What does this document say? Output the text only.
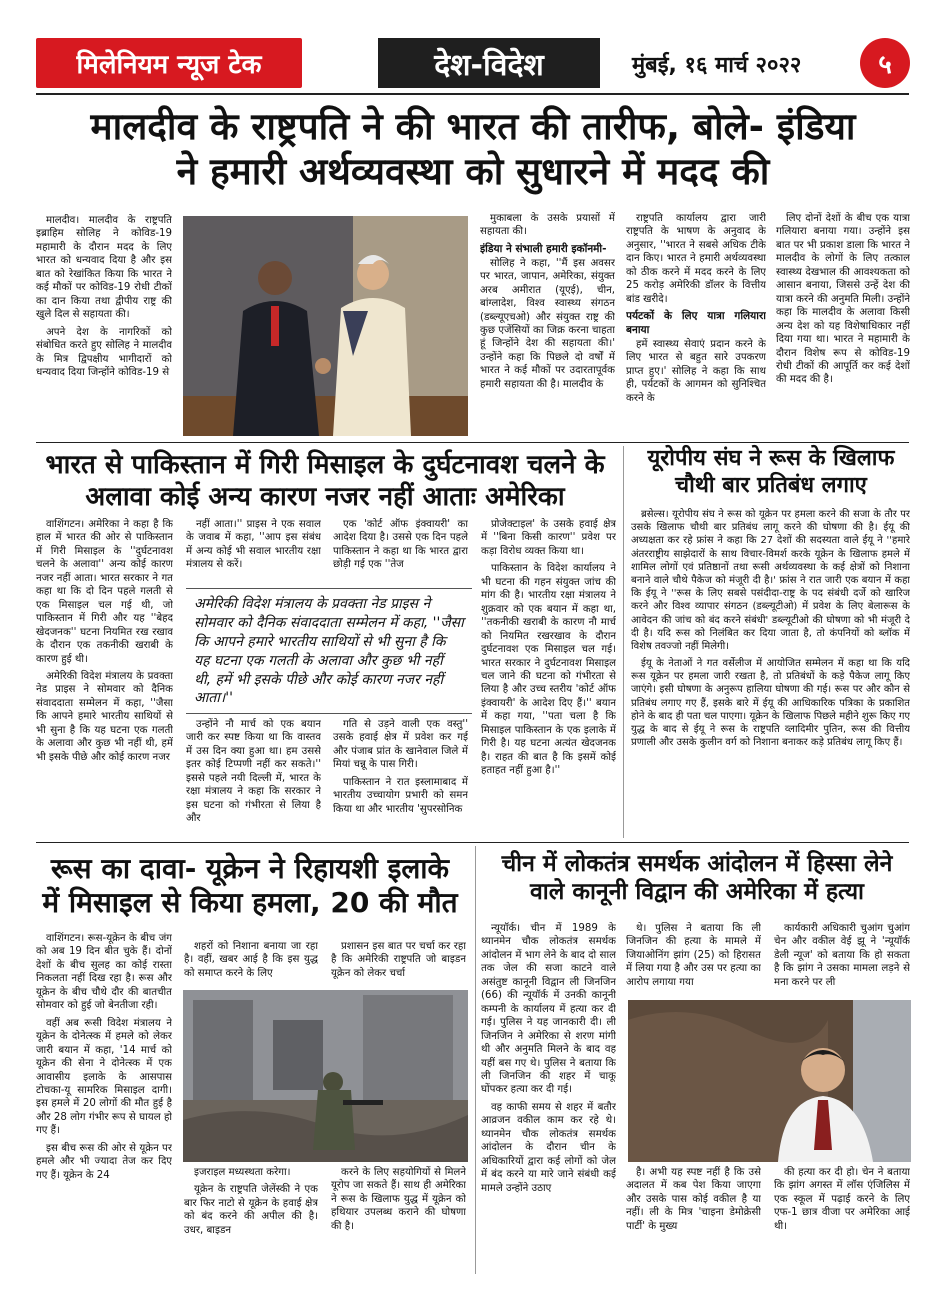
मिलेनियम न्यूज टेक	देश-विदेश	मुंबई, १६ मार्च २०२२	५
मालदीव के राष्ट्रपति ने की भारत की तारीफ, बोले- इंडिया
ने हमारी अर्थव्यवस्था को सुधारने में मदद की

मालदीव। मालदीव के राष्ट्रपति इब्राहिम सोलिह ने कोविड-19 महामारी के दौरान मदद के लिए भारत को धन्यवाद दिया है और इस बात को रेखांकित किया कि भारत ने कई मौकों पर कोविड-19 रोधी टीकों का दान किया तथा द्वीपीय राष्ट्र की खुले दिल से सहायता की।

अपने देश के नागरिकों को संबोधित करते हुए सोलिह ने मालदीव के मित्र द्विपक्षीय भागीदारों को धन्यवाद दिया जिन्होंने कोविड-19 से

मुकाबला के उसके प्रयासों में सहायता की।

इंडिया ने संभाली हमारी इकॉनमी-

सोलिह ने कहा, ''मैं इस अवसर पर भारत, जापान, अमेरिका, संयुक्त अरब अमीरात (यूएई), चीन, बांग्लादेश, विश्व स्वास्थ्य संगठन (डब्ल्यूएचओ) और संयुक्त राष्ट्र की कुछ एजेंसियों का जिक्र करना चाहता हूं जिन्होंने देश की सहायता की।' उन्होंने कहा कि पिछले दो वर्षों में भारत ने कई मौकों पर उदारतापूर्वक हमारी सहायता की है। मालदीव के

राष्ट्रपति कार्यालय द्वारा जारी राष्ट्रपति के भाषण के अनुवाद के अनुसार, ''भारत ने सबसे अधिक टीके दान किए। भारत ने हमारी अर्थव्यवस्था को ठीक करने में मदद करने के लिए 25 करोड़ अमेरिकी डॉलर के वित्तीय बांड खरीदे।

पर्यटकों के लिए यात्रा गलियारा बनाया

हमें स्वास्थ्य सेवाएं प्रदान करने के लिए भारत से बहुत सारे उपकरण प्राप्त हुए।' सोलिह ने कहा कि साथ ही, पर्यटकों के आगमन को सुनिश्चित करने के

लिए दोनों देशों के बीच एक यात्रा गलियारा बनाया गया। उन्होंने इस बात पर भी प्रकाश डाला कि भारत ने मालदीव के लोगों के लिए तत्काल स्वास्थ्य देखभाल की आवश्यकता को आसान बनाया, जिससे उन्हें देश की यात्रा करने की अनुमति मिली। उन्होंने कहा कि मालदीव के अलावा किसी अन्य देश को यह विशेषाधिकार नहीं दिया गया था। भारत ने महामारी के दौरान विशेष रूप से कोविड-19 रोधी टीकों की आपूर्ति कर कई देशों की मदद की है।

भारत से पाकिस्तान में गिरी मिसाइल के दुर्घटनावश चलने के
अलावा कोई अन्य कारण नजर नहीं आताः अमेरिका

वाशिंगटन। अमेरिका ने कहा है कि हाल में भारत की ओर से पाकिस्तान में गिरी मिसाइल के ''दुर्घटनावश चलने के अलावा'' अन्य कोई कारण नजर नहीं आता। भारत सरकार ने गत कहा था कि दो दिन पहले गलती से एक मिसाइल चल गई थी, जो पाकिस्तान में गिरी और यह ''बेहद खेदजनक'' घटना नियमित रख रखाव के दौरान एक तकनीकी खराबी के कारण हुई थी।

अमेरिकी विदेश मंत्रालय के प्रवक्ता नेड प्राइस ने सोमवार को दैनिक संवाददाता सम्मेलन में कहा, ''जैसा कि आपने हमारे भारतीय साथियों से भी सुना है कि यह घटना एक गलती के अलावा और कुछ भी नहीं थी, हमें भी इसके पीछे और कोई कारण नजर

नहीं आता।'' प्राइस ने एक सवाल के जवाब में कहा, ''आप इस संबंध में अन्य कोई भी सवाल भारतीय रक्षा मंत्रालय से करें।

एक 'कोर्ट ऑफ इंक्वायरी' का आदेश दिया है। उससे एक दिन पहले पाकिस्तान ने कहा था कि भारत द्वारा छोड़ी गई एक ''तेज

अमेरिकी विदेश मंत्रालय के प्रवक्ता नेड प्राइस ने सोमवार को दैनिक संवाददाता सम्मेलन में कहा, ''जैसा कि आपने हमारे भारतीय साथियों से भी सुना है कि यह घटना एक गलती के अलावा और कुछ भी नहीं थी, हमें भी इसके पीछे और कोई कारण नजर नहीं आता।''

उन्होंने नौ मार्च को एक बयान जारी कर स्पष्ट किया था कि वास्तव में उस दिन क्या हुआ था। हम उससे इतर कोई टिप्पणी नहीं कर सकते।'' इससे पहले नयी दिल्ली में, भारत के रक्षा मंत्रालय ने कहा कि सरकार ने इस घटना को गंभीरता से लिया है और

गति से उड़ने वाली एक वस्तु'' उसके हवाई क्षेत्र में प्रवेश कर गई और पंजाब प्रांत के खानेवाल जिले में मियां चन्नू के पास गिरी।

पाकिस्तान ने रात इस्लामाबाद में भारतीय उच्चायोग प्रभारी को समन किया था और भारतीय 'सुपरसोनिक

प्रोजेक्टाइल' के उसके हवाई क्षेत्र में ''बिना किसी कारण'' प्रवेश पर कड़ा विरोध व्यक्त किया था।

पाकिस्तान के विदेश कार्यालय ने भी घटना की गहन संयुक्त जांच की मांग की है। भारतीय रक्षा मंत्रालय ने शुक्रवार को एक बयान में कहा था, ''तकनीकी खराबी के कारण नौ मार्च को नियमित रखरखाव के दौरान दुर्घटनावश एक मिसाइल चल गई। भारत सरकार ने दुर्घटनावश मिसाइल चल जाने की घटना को गंभीरता से लिया है और उच्च स्तरीय 'कोर्ट ऑफ इंक्वायरी' के आदेश दिए हैं।'' बयान में कहा गया, ''पता चला है कि मिसाइल पाकिस्तान के एक इलाके में गिरी है। यह घटना अत्यंत खेदजनक है। राहत की बात है कि इसमें कोई हताहत नहीं हुआ है।''

यूरोपीय संघ ने रूस के खिलाफ
चौथी बार प्रतिबंध लगाए

ब्रसेल्स। यूरोपीय संघ ने रूस को यूक्रेन पर हमला करने की सजा के तौर पर उसके खिलाफ चौथी बार प्रतिबंध लागू करने की घोषणा की है। ईयू की अध्यक्षता कर रहे फ्रांस ने कहा कि 27 देशों की सदस्यता वाले ईयू ने ''हमारे अंतरराष्ट्रीय साझेदारों के साथ विचार-विमर्श करके यूक्रेन के खिलाफ हमले में शामिल लोगों एवं प्रतिष्ठानों तथा रूसी अर्थव्यवस्था के कई क्षेत्रों को निशाना बनाने वाले चौथे पैकेज को मंजूरी दी है।' फ्रांस ने रात जारी एक बयान में कहा कि ईयू ने ''रूस के लिए सबसे पसंदीदा-राष्ट्र के पद संबंधी दर्जे को खारिज करने और विश्व व्यापार संगठन (डब्ल्यूटीओ) में प्रवेश के लिए बेलारूस के आवेदन की जांच को बंद करने संबंधी' डब्ल्यूटीओ की घोषणा को भी मंजूरी दे दी है। यदि रूस को निलंबित कर दिया जाता है, तो कंपनियों को ब्लॉक में विशेष तवज्जो नहीं मिलेगी।

ईयू के नेताओं ने गत वर्सेलीज में आयोजित सम्मेलन में कहा था कि यदि रूस यूक्रेन पर हमला जारी रखता है, तो प्रतिबंधों के कड़े पैकेज लागू किए जाएंगे। इसी घोषणा के अनुरूप हालिया घोषणा की गई। रूस पर और कौन से प्रतिबंध लगाए गए हैं, इसके बारे में ईयू की आधिकारिक पत्रिका के प्रकाशित होने के बाद ही पता चल पाएगा। यूक्रेन के खिलाफ पिछले महीने शुरू किए गए युद्ध के बाद से ईयू ने रूस के राष्ट्रपति व्लादिमीर पुतिन, रूस की वित्तीय प्रणाली और उसके कुलीन वर्ग को निशाना बनाकर कड़े प्रतिबंध लागू किए हैं।

रूस का दावा- यूक्रेन ने रिहायशी इलाके
में मिसाइल से किया हमला, 20 की मौत

वाशिंगटन। रूस-यूक्रेन के बीच जंग को अब 19 दिन बीत चुके हैं। दोनों देशों के बीच सुलह का कोई रास्ता निकलता नहीं दिख रहा है। रूस और यूक्रेन के बीच चौथे दौर की बातचीत सोमवार को हुई जो बेनतीजा रही।

वहीं अब रूसी विदेश मंत्रालय ने यूक्रेन के दोनेत्स्क में हमले को लेकर जारी बयान में कहा, '14 मार्च को यूक्रेन की सेना ने दोनेत्स्क में एक आवासीय इलाके के आसपास टोचका-यू सामरिक मिसाइल दागी। इस हमले में 20 लोगों की मौत हुई है और 28 लोग गंभीर रूप से घायल हो गए हैं।

इस बीच रूस की ओर से यूक्रेन पर हमले और भी ज्यादा तेज कर दिए गए हैं। यूक्रेन के 24

शहरों को निशाना बनाया जा रहा है। वहीं, खबर आई है कि इस युद्ध को समाप्त करने के लिए

प्रशासन इस बात पर चर्चा कर रहा है कि अमेरिकी राष्ट्रपति जो बाइडन यूक्रेन को लेकर चर्चा

इजराइल मध्यस्थता करेगा।

यूक्रेन के राष्ट्रपति जेलेंस्की ने एक बार फिर नाटो से यूक्रेन के हवाई क्षेत्र को बंद करने की अपील की है। उधर, बाइडन

करने के लिए सहयोगियों से मिलने यूरोप जा सकते हैं। साथ ही अमेरिका ने रूस के खिलाफ युद्ध में यूक्रेन को हथियार उपलब्ध कराने की घोषणा की है।

चीन में लोकतंत्र समर्थक आंदोलन में हिस्सा लेने
वाले कानूनी विद्वान की अमेरिका में हत्या

न्यूयॉर्क। चीन में 1989 के थ्यानमेन चौक लोकतंत्र समर्थक आंदोलन में भाग लेने के बाद दो साल तक जेल की सजा काटने वाले असंतुष्ट कानूनी विद्वान ली जिनजिन (66) की न्यूयॉर्क में उनकी कानूनी कम्पनी के कार्यालय में हत्या कर दी गई। पुलिस ने यह जानकारी दी। ली जिनजिन ने अमेरिका से शरण मांगी थी और अनुमति मिलने के बाद वह यहीं बस गए थे। पुलिस ने बताया कि ली जिनजिन की शहर में चाकू घोंपकर हत्या कर दी गई।

वह काफी समय से शहर में बतौर आव्रजन वकील काम कर रहे थे। थ्यानमेन चौक लोकतंत्र समर्थक आंदोलन के दौरान चीन के अधिकारियों द्वारा कई लोगों को जेल में बंद करने या मारे जाने संबंधी कई मामले उन्होंने उठाए

थे। पुलिस ने बताया कि ली जिनजिन की हत्या के मामले में जियाओनिंग झांग (25) को हिरासत में लिया गया है और उस पर हत्या का आरोप लगाया गया

कार्यकारी अधिकारी चुआंग चुआंग चेन और वकील वेई झू ने 'न्यूयॉर्क डेली न्यूज' को बताया कि हो सकता है कि झांग ने उसका मामला लड़ने से मना करने पर ली

है। अभी यह स्पष्ट नहीं है कि उसे अदालत में कब पेश किया जाएगा और उसके पास कोई वकील है या नहीं। ली के मित्र 'चाइना डेमोक्रेसी पार्टी' के मुख्य

की हत्या कर दी हो। चेन ने बताया कि झांग अगस्त में लॉस एंजिलिस में एक स्कूल में पढ़ाई करने के लिए एफ-1 छात्र वीजा पर अमेरिका आई थी।
